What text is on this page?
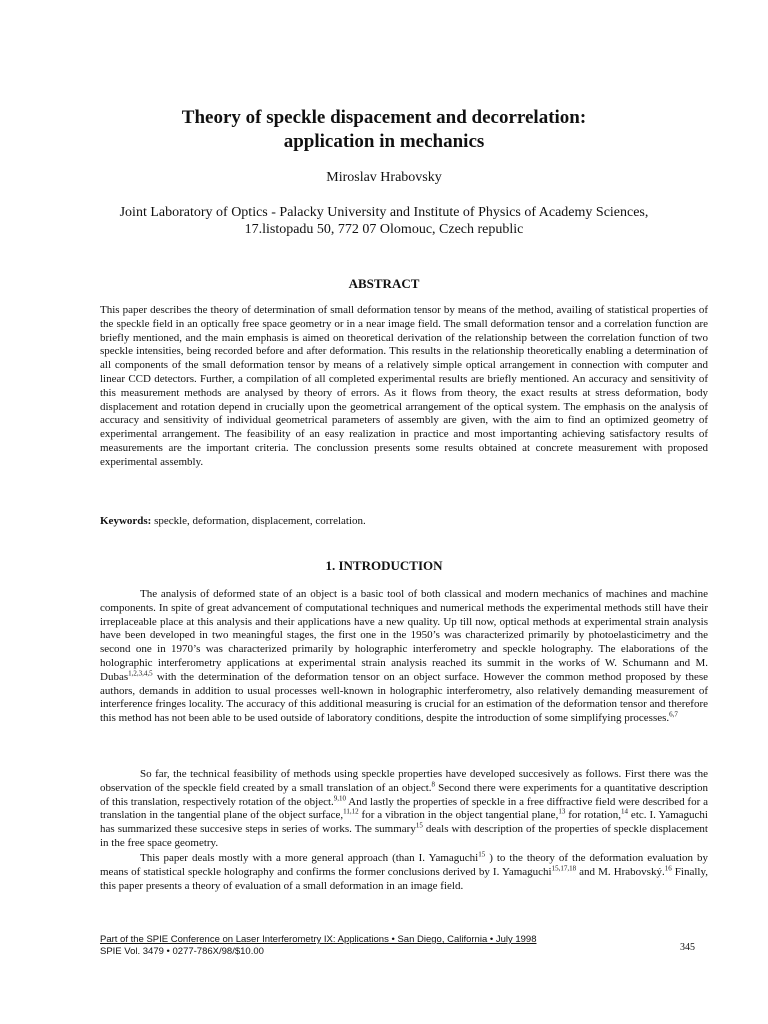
Theory of speckle dispacement and decorrelation:
application in mechanics
Miroslav Hrabovsky
Joint Laboratory of Optics - Palacky University and Institute of Physics of Academy Sciences,
17.listopadu 50, 772 07 Olomouc, Czech republic
ABSTRACT

This paper describes the theory of determination of small deformation tensor by means of the method, availing of statistical properties of the speckle field in an optically free space geometry or in a near image field. The small deformation tensor and a correlation function are briefly mentioned, and the main emphasis is aimed on theoretical derivation of the relationship between the correlation function of two speckle intensities, being recorded before and after deformation. This results in the relationship theoretically enabling a determination of all components of the small deformation tensor by means of a relatively simple optical arrangement in connection with computer and linear CCD detectors. Further, a compilation of all completed experimental results are briefly mentioned. An accuracy and sensitivity of this measurement methods are analysed by theory of errors. As it flows from theory, the exact results at stress deformation, body displacement and rotation depend in crucially upon the geometrical arrangement of the optical system. The emphasis on the analysis of accuracy and sensitivity of individual geometrical parameters of assembly are given, with the aim to find an optimized geometry of experimental arrangement. The feasibility of an easy realization in practice and most importanting achieving satisfactory results of measurements are the important criteria. The conclussion presents some results obtained at concrete measurement with proposed experimental assembly.

Keywords: speckle, deformation, displacement, correlation.

1. INTRODUCTION

The analysis of deformed state of an object is a basic tool of both classical and modern mechanics of machines and machine components. In spite of great advancement of computational techniques and numerical methods the experimental methods still have their irreplaceable place at this analysis and their applications have a new quality. Up till now, optical methods at experimental strain analysis have been developed in two meaningful stages, the first one in the 1950’s was characterized primarily by photoelasticimetry and the second one in 1970’s was characterized primarily by holographic interferometry and speckle holography. The elaborations of the holographic interferometry applications at experimental strain analysis reached its summit in the works of W. Schumann and M. Dubas$^{1,2,3,4,5}$ with the determination of the deformation tensor on an object surface. However the common method proposed by these authors, demands in addition to usual processes well-known in holographic interferometry, also relatively demanding measurement of interference fringes locality. The accuracy of this additional measuring is crucial for an estimation of the deformation tensor and therefore this method has not been able to be used outside of laboratory conditions, despite the introduction of some simplifying processes.$^{6,7}$

So far, the technical feasibility of methods using speckle properties have developed succesively as follows. First there was the observation of the speckle field created by a small translation of an object.$^8$ Second there were experiments for a quantitative description of this translation, respectively rotation of the object.$^{9,10}$ And lastly the properties of speckle in a free diffractive field were described for a translation in the tangential plane of the object surface,$^{11,12}$ for a vibration in the object tangential plane,$^{13}$ for rotation,$^{14}$ etc. I. Yamaguchi has summarized these succesive steps in series of works. The summary$^{15}$ deals with description of the properties of speckle displacement in the free space geometry.

This paper deals mostly with a more general approach (than I. Yamaguchi$^{15}$ ) to the theory of the deformation evaluation by means of statistical speckle holography and confirms the former conclusions derived by I. Yamaguchi$^{15,17,18}$ and M. Hrabovský.$^{16}$ Finally, this paper presents a theory of evaluation of a small deformation in an image field.

Part of the SPIE Conference on Laser Interferometry IX: Applications • San Diego, California • July 1998
SPIE Vol. 3479 • 0277-786X/98/$10.00	345
